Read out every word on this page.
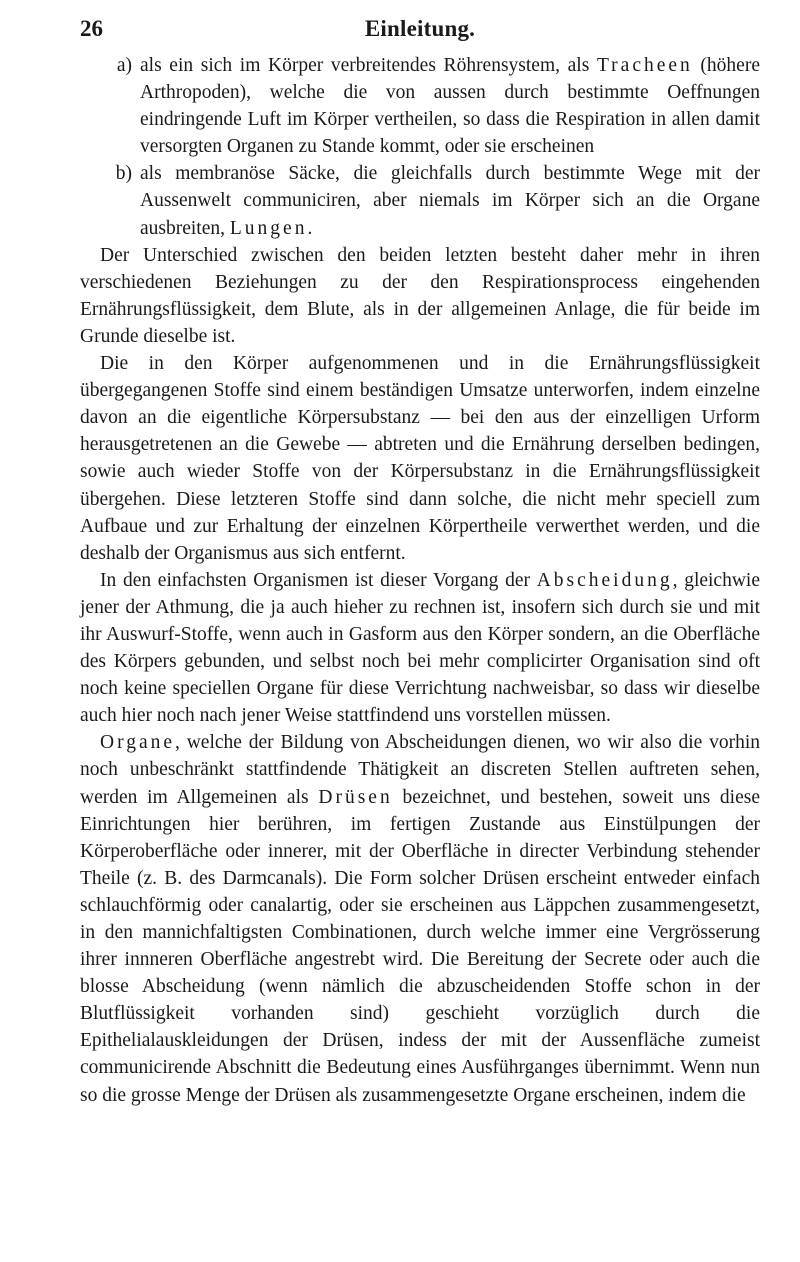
26	Einleitung.
a) als ein sich im Körper verbreitendes Röhrensystem, als Tracheen (höhere Arthropoden), welche die von aussen durch bestimmte Oeffnungen eindringende Luft im Körper vertheilen, so dass die Respiration in allen damit versorgten Organen zu Stande kommt, oder sie erscheinen

b) als membranöse Säcke, die gleichfalls durch bestimmte Wege mit der Aussenwelt communiciren, aber niemals im Körper sich an die Organe ausbreiten, Lungen.

Der Unterschied zwischen den beiden letzten besteht daher mehr in ihren verschiedenen Beziehungen zu der den Respirationsprocess eingehenden Ernährungsflüssigkeit, dem Blute, als in der allgemeinen Anlage, die für beide im Grunde dieselbe ist.

Die in den Körper aufgenommenen und in die Ernährungsflüssigkeit übergegangenen Stoffe sind einem beständigen Umsatze unterworfen, indem einzelne davon an die eigentliche Körpersubstanz — bei den aus der einzelligen Urform herausgetretenen an die Gewebe — abtreten und die Ernährung derselben bedingen, sowie auch wieder Stoffe von der Körpersubstanz in die Ernährungsflüssigkeit übergehen. Diese letzteren Stoffe sind dann solche, die nicht mehr speciell zum Aufbaue und zur Erhaltung der einzelnen Körpertheile verwerthet werden, und die deshalb der Organismus aus sich entfernt.

In den einfachsten Organismen ist dieser Vorgang der Abscheidung, gleichwie jener der Athmung, die ja auch hieher zu rechnen ist, insofern sich durch sie und mit ihr Auswurf-Stoffe, wenn auch in Gasform aus den Körper sondern, an die Oberfläche des Körpers gebunden, und selbst noch bei mehr complicirter Organisation sind oft noch keine speciellen Organe für diese Verrichtung nachweisbar, so dass wir dieselbe auch hier noch nach jener Weise stattfindend uns vorstellen müssen.

Organe, welche der Bildung von Abscheidungen dienen, wo wir also die vorhin noch unbeschränkt stattfindende Thätigkeit an discreten Stellen auftreten sehen, werden im Allgemeinen als Drüsen bezeichnet, und bestehen, soweit uns diese Einrichtungen hier berühren, im fertigen Zustande aus Einstülpungen der Körperoberfläche oder innerer, mit der Oberfläche in directer Verbindung stehender Theile (z. B. des Darmcanals). Die Form solcher Drüsen erscheint entweder einfach schlauchförmig oder canalartig, oder sie erscheinen aus Läppchen zusammengesetzt, in den mannichfaltigsten Combinationen, durch welche immer eine Vergrösserung ihrer innneren Oberfläche angestrebt wird. Die Bereitung der Secrete oder auch die blosse Abscheidung (wenn nämlich die abzuscheidenden Stoffe schon in der Blutflüssigkeit vorhanden sind) geschieht vorzüglich durch die Epithelialauskleidungen der Drüsen, indess der mit der Aussenfläche zumeist communicirende Abschnitt die Bedeutung eines Ausführganges übernimmt. Wenn nun so die grosse Menge der Drüsen als zusammengesetzte Organe erscheinen, indem die
